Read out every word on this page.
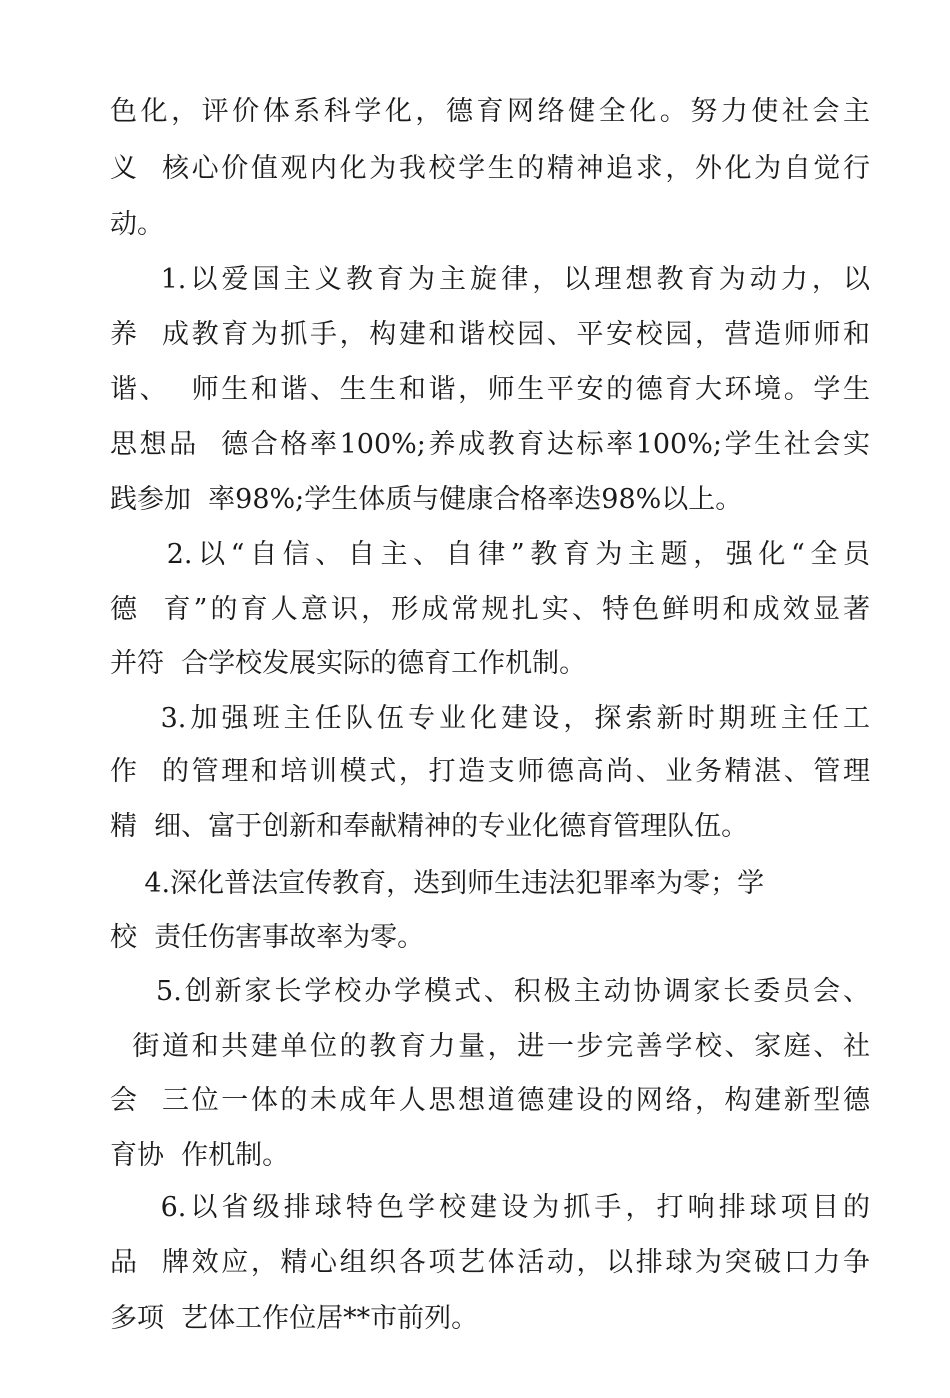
色化，评价体系科学化，德育网络健全化。努力使社会主
义  核心价值观内化为我校学生的精神追求，外化为自觉行
动。
1.以爱国主义教育为主旋律，以理想教育为动力，以
养  成教育为抓手，构建和谐校园、平安校园，营造师师和
谐、  师生和谐、生生和谐，师生平安的德育大环境。学生
思想品  德合格率100%;养成教育达标率100%;学生社会实
践参加  率98%;学生体质与健康合格率迭98%以上。
2.以“自信、自主、自律”教育为主题，强化“全员
德  育”的育人意识，形成常规扎实、特色鲜明和成效显著
并符  合学校发展实际的德育工作机制。
3.加强班主任队伍专业化建设，探索新时期班主任工
作  的管理和培训模式，打造支师德高尚、业务精湛、管理
精  细、富于创新和奉献精神的专业化德育管理队伍。
4.深化普法宣传教育，迭到师生违法犯罪率为零；学
校  责任伤害事故率为零。
5.创新家长学校办学模式、积极主动协调家长委员会、
街道和共建单位的教育力量，进一步完善学校、家庭、社
会  三位一体的未成年人思想道德建设的网络，构建新型德
育协  作机制。
6.以省级排球特色学校建设为抓手，打响排球项目的
品  牌效应，精心组织各项艺体活动，以排球为突破口力争
多项  艺体工作位居**市前列。
